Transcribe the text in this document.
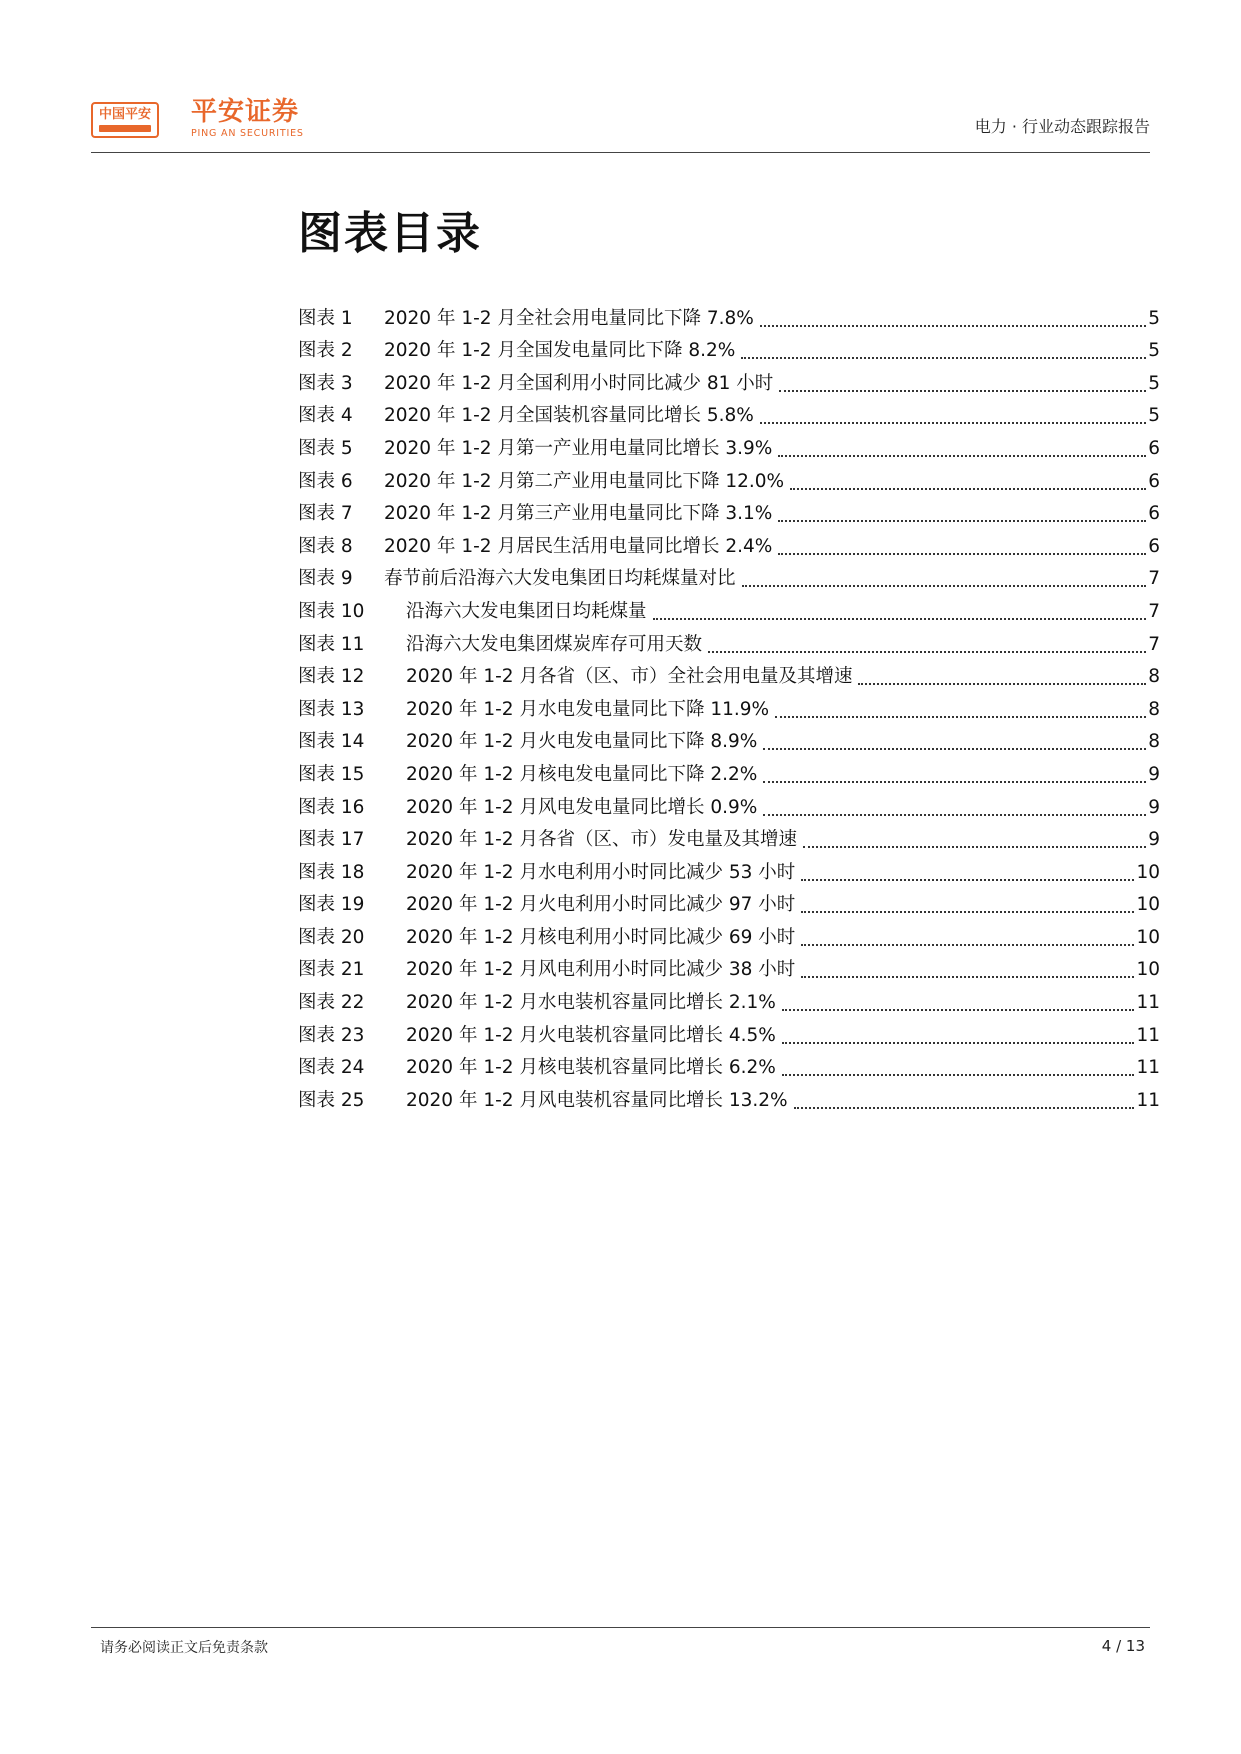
中国平安 平安证券
PING AN SECURITIES	电力 · 行业动态跟踪报告
图表目录
图表 1	2020 年 1-2 月全社会用电量同比下降 7.8%	5
图表 2	2020 年 1-2 月全国发电量同比下降 8.2%	5
图表 3	2020 年 1-2 月全国利用小时同比减少 81 小时	5
图表 4	2020 年 1-2 月全国装机容量同比增长 5.8%	5
图表 5	2020 年 1-2 月第一产业用电量同比增长 3.9%	6
图表 6	2020 年 1-2 月第二产业用电量同比下降 12.0%	6
图表 7	2020 年 1-2 月第三产业用电量同比下降 3.1%	6
图表 8	2020 年 1-2 月居民生活用电量同比增长 2.4%	6
图表 9	春节前后沿海六大发电集团日均耗煤量对比	7
图表 10	沿海六大发电集团日均耗煤量	7
图表 11	沿海六大发电集团煤炭库存可用天数	7
图表 12	2020 年 1-2 月各省（区、市）全社会用电量及其增速	8
图表 13	2020 年 1-2 月水电发电量同比下降 11.9%	8
图表 14	2020 年 1-2 月火电发电量同比下降 8.9%	8
图表 15	2020 年 1-2 月核电发电量同比下降 2.2%	9
图表 16	2020 年 1-2 月风电发电量同比增长 0.9%	9
图表 17	2020 年 1-2 月各省（区、市）发电量及其增速	9
图表 18	2020 年 1-2 月水电利用小时同比减少 53 小时	10
图表 19	2020 年 1-2 月火电利用小时同比减少 97 小时	10
图表 20	2020 年 1-2 月核电利用小时同比减少 69 小时	10
图表 21	2020 年 1-2 月风电利用小时同比减少 38 小时	10
图表 22	2020 年 1-2 月水电装机容量同比增长 2.1%	11
图表 23	2020 年 1-2 月火电装机容量同比增长 4.5%	11
图表 24	2020 年 1-2 月核电装机容量同比增长 6.2%	11
图表 25	2020 年 1-2 月风电装机容量同比增长 13.2%	11
请务必阅读正文后免责条款	4 / 13
